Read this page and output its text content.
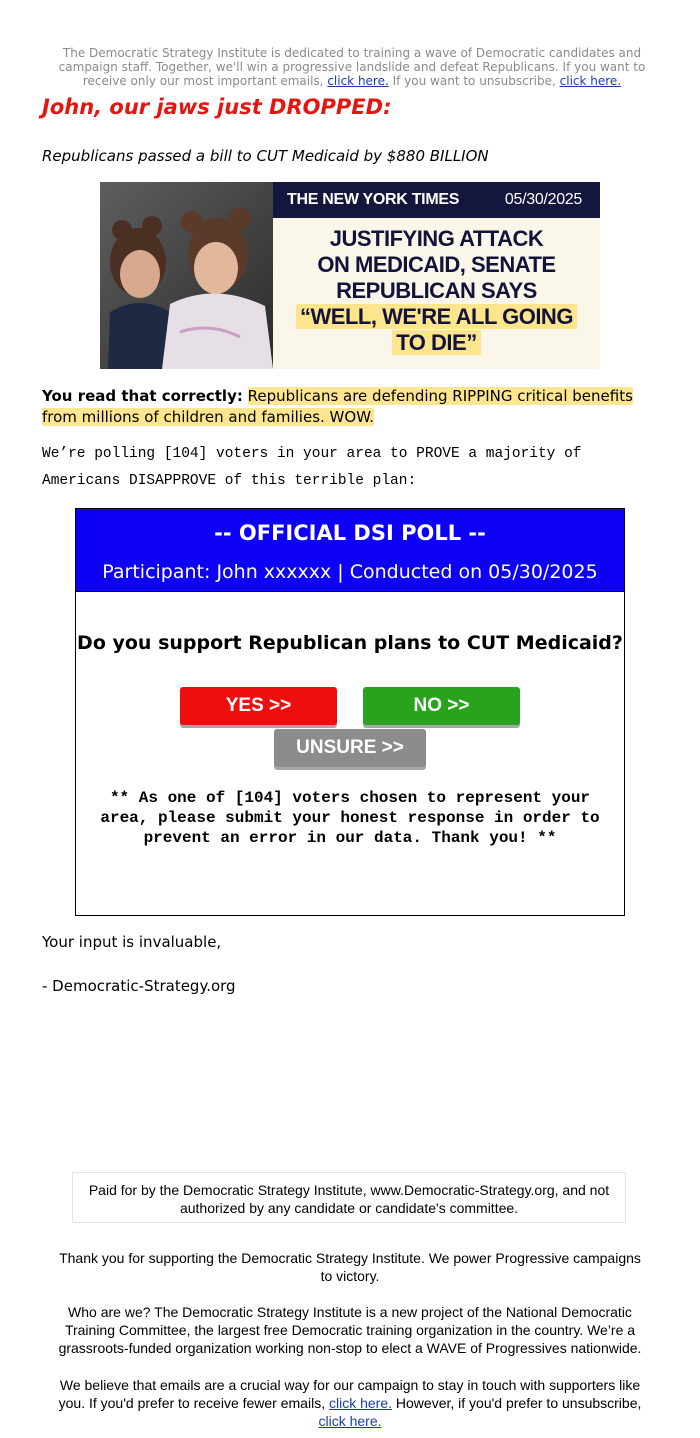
The Democratic Strategy Institute is dedicated to training a wave of Democratic candidates and campaign staff. Together, we'll win a progressive landslide and defeat Republicans. If you want to receive only our most important emails, click here. If you want to unsubscribe, click here.
John, our jaws just DROPPED:
Republicans passed a bill to CUT Medicaid by $880 BILLION
THE NEW YORK TIMES	05/30/2025
JUSTIFYING ATTACK
ON MEDICAID, SENATE
REPUBLICAN SAYS
“WELL, WE'RE ALL GOING
TO DIE”
You read that correctly: Republicans are defending RIPPING critical benefits from millions of children and families. WOW.
We’re polling [104] voters in your area to PROVE a majority of Americans DISAPPROVE of this terrible plan:
-- OFFICIAL DSI POLL --
Participant: John xxxxxx | Conducted on 05/30/2025
Do you support Republican plans to CUT Medicaid?
YES >>	NO >>
UNSURE >>
** As one of [104] voters chosen to represent your area, please submit your honest response in order to prevent an error in our data. Thank you! **
Your input is invaluable,
- Democratic-Strategy.org
Paid for by the Democratic Strategy Institute, www.Democratic-Strategy.org, and not authorized by any candidate or candidate's committee.
Thank you for supporting the Democratic Strategy Institute. We power Progressive campaigns to victory.
Who are we? The Democratic Strategy Institute is a new project of the National Democratic Training Committee, the largest free Democratic training organization in the country. We’re a grassroots-funded organization working non-stop to elect a WAVE of Progressives nationwide.
We believe that emails are a crucial way for our campaign to stay in touch with supporters like you. If you'd prefer to receive fewer emails, click here. However, if you'd prefer to unsubscribe, click here.
